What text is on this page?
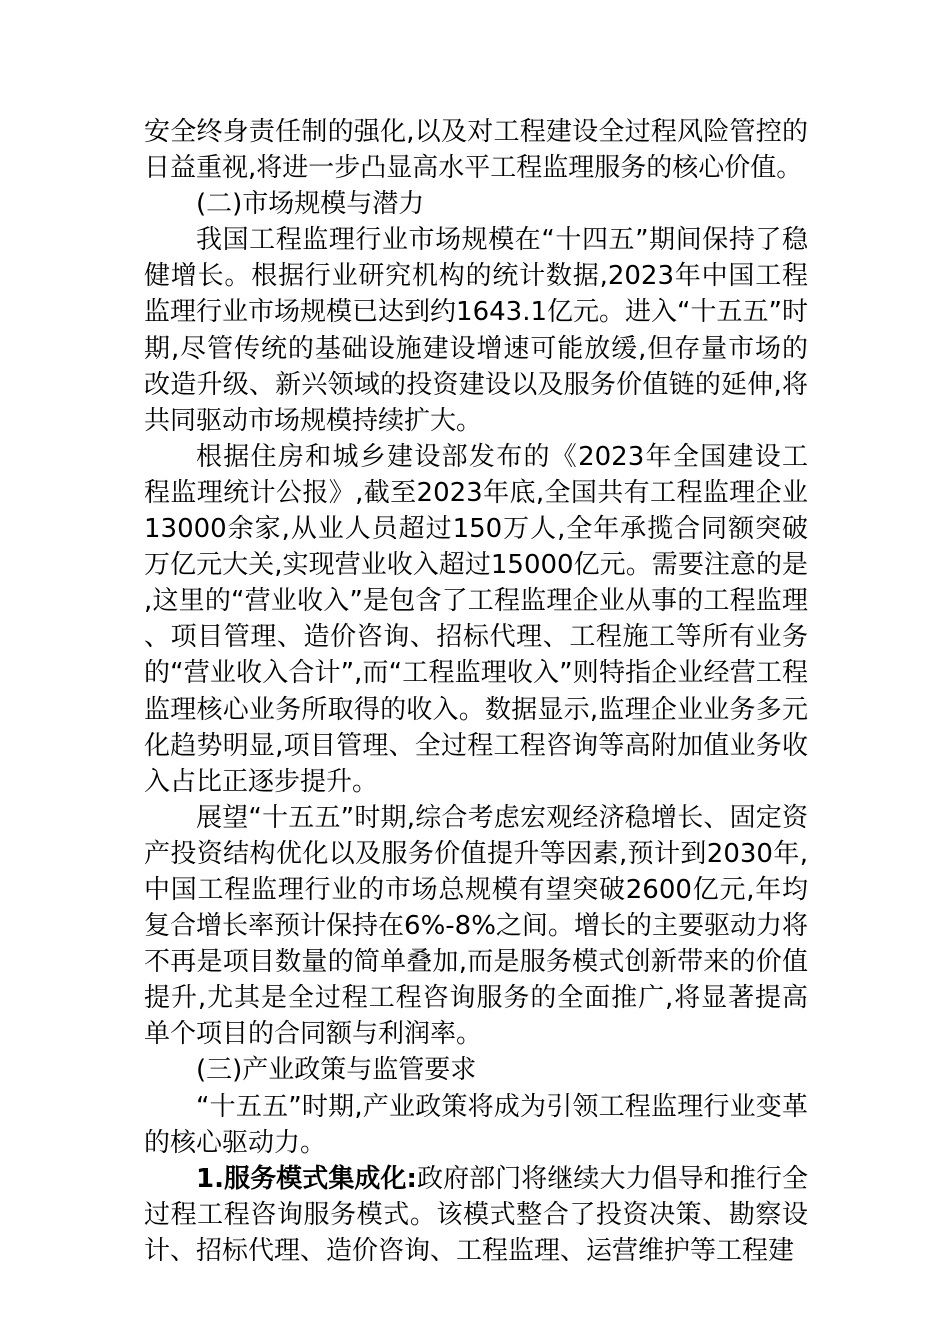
安全终身责任制的强化,以及对工程建设全过程风险管控的日益重视,将进一步凸显高水平工程监理服务的核心价值。

(二)市场规模与潜力

我国工程监理行业市场规模在“十四五”期间保持了稳健增长。根据行业研究机构的统计数据,2023年中国工程监理行业市场规模已达到约1643.1亿元。进入“十五五”时期,尽管传统的基础设施建设增速可能放缓,但存量市场的改造升级、新兴领域的投资建设以及服务价值链的延伸,将共同驱动市场规模持续扩大。

根据住房和城乡建设部发布的《2023年全国建设工程监理统计公报》,截至2023年底,全国共有工程监理企业13000余家,从业人员超过150万人,全年承揽合同额突破万亿元大关,实现营业收入超过15000亿元。需要注意的是,这里的“营业收入”是包含了工程监理企业从事的工程监理、项目管理、造价咨询、招标代理、工程施工等所有业务的“营业收入合计”,而“工程监理收入”则特指企业经营工程监理核心业务所取得的收入。数据显示,监理企业业务多元化趋势明显,项目管理、全过程工程咨询等高附加值业务收入占比正逐步提升。

展望“十五五”时期,综合考虑宏观经济稳增长、固定资产投资结构优化以及服务价值提升等因素,预计到2030年,中国工程监理行业的市场总规模有望突破2600亿元,年均复合增长率预计保持在6%-8%之间。增长的主要驱动力将不再是项目数量的简单叠加,而是服务模式创新带来的价值提升,尤其是全过程工程咨询服务的全面推广,将显著提高单个项目的合同额与利润率。

(三)产业政策与监管要求

“十五五”时期,产业政策将成为引领工程监理行业变革的核心驱动力。

1.服务模式集成化:政府部门将继续大力倡导和推行全过程工程咨询服务模式。该模式整合了投资决策、勘察设计、招标代理、造价咨询、工程监理、运营维护等工程建
